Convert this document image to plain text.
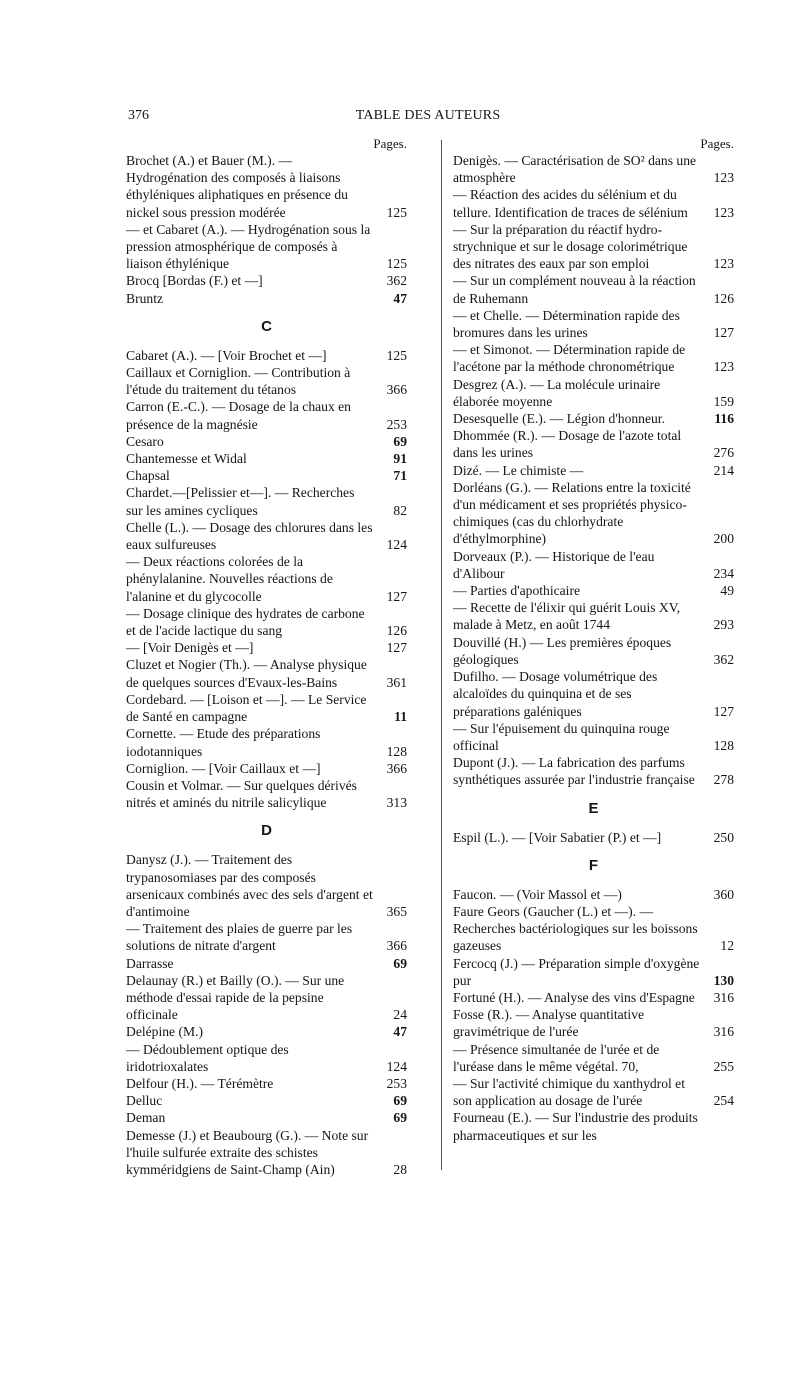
376	TABLE DES AUTEURS
Pages.
Brochet (A.) et Bauer (M.). — Hydrogénation des composés à liaisons éthyléniques aliphatiques en présence du nickel sous pression modérée	125
— et Cabaret (A.). — Hydrogénation sous la pression atmosphérique de composés à liaison éthylénique	125
Brocq [Bordas (F.) et —]	362
Bruntz	47
C
Cabaret (A.). — [Voir Brochet et —]	125
Caillaux et Corniglion. — Contribution à l'étude du traitement du tétanos	366
Carron (E.-C.). — Dosage de la chaux en présence de la magnésie	253
Cesaro	69
Chantemesse et Widal	91
Chapsal	71
Chardet.—[Pelissier et—]. — Recherches sur les amines cycliques	82
Chelle (L.). — Dosage des chlorures dans les eaux sulfureuses	124
— Deux réactions colorées de la phénylalanine. Nouvelles réactions de l'alanine et du glycocolle	127
— Dosage clinique des hydrates de carbone et de l'acide lactique du sang	126
— [Voir Denigès et —]	127
Cluzet et Nogier (Th.). — Analyse physique de quelques sources d'Evaux-les-Bains	361
Cordebard. — [Loison et —]. — Le Service de Santé en campagne	11
Cornette. — Etude des préparations iodotanniques	128
Corniglion. — [Voir Caillaux et —]	366
Cousin et Volmar. — Sur quelques dérivés nitrés et aminés du nitrile salicylique	313
D
Danysz (J.). — Traitement des trypanosomiases par des composés arsenicaux combinés avec des sels d'argent et d'antimoine	365
— Traitement des plaies de guerre par les solutions de nitrate d'argent	366
Darrasse	69
Delaunay (R.) et Bailly (O.). — Sur une méthode d'essai rapide de la pepsine officinale	24
Delépine (M.)	47
— Dédoublement optique des iridotrioxalates	124
Delfour (H.). — Térémètre	253
Delluc	69
Deman	69
Demesse (J.) et Beaubourg (G.). — Note sur l'huile sulfurée extraite des schistes kymméridgiens de Saint-Champ (Ain)	28
Pages.
Denigès. — Caractérisation de SO² dans une atmosphère	123
— Réaction des acides du sélénium et du tellure. Identification de traces de sélénium	123
— Sur la préparation du réactif hydro-strychnique et sur le dosage colorimétrique des nitrates des eaux par son emploi	123
— Sur un complément nouveau à la réaction de Ruhemann	126
— et Chelle. — Détermination rapide des bromures dans les urines	127
— et Simonot. — Détermination rapide de l'acétone par la méthode chronométrique	123
Desgrez (A.). — La molécule urinaire élaborée moyenne	159
Desesquelle (E.). — Légion d'honneur.	116
Dhommée (R.). — Dosage de l'azote total dans les urines	276
Dizé. — Le chimiste —	214
Dorléans (G.). — Relations entre la toxicité d'un médicament et ses propriétés physico-chimiques (cas du chlorhydrate d'éthylmorphine)	200
Dorveaux (P.). — Historique de l'eau d'Alibour	234
— Parties d'apothicaire	49
— Recette de l'élixir qui guérit Louis XV, malade à Metz, en août 1744	293
Douvillé (H.) — Les premières époques géologiques	362
Dufilho. — Dosage volumétrique des alcaloïdes du quinquina et de ses préparations galéniques	127
— Sur l'épuisement du quinquina rouge officinal	128
Dupont (J.). — La fabrication des parfums synthétiques assurée par l'industrie française	278
E
Espil (L.). — [Voir Sabatier (P.) et —]	250
F
Faucon. — (Voir Massol et —)	360
Faure Geors (Gaucher (L.) et —). — Recherches bactériologiques sur les boissons gazeuses	12
Fercocq (J.) — Préparation simple d'oxygène pur	130
Fortuné (H.). — Analyse des vins d'Espagne	316
Fosse (R.). — Analyse quantitative gravimétrique de l'urée	316
— Présence simultanée de l'urée et de l'uréase dans le même végétal. 70,	255
— Sur l'activité chimique du xanthydrol et son application au dosage de l'urée	254
Fourneau (E.). — Sur l'industrie des produits pharmaceutiques et sur les
